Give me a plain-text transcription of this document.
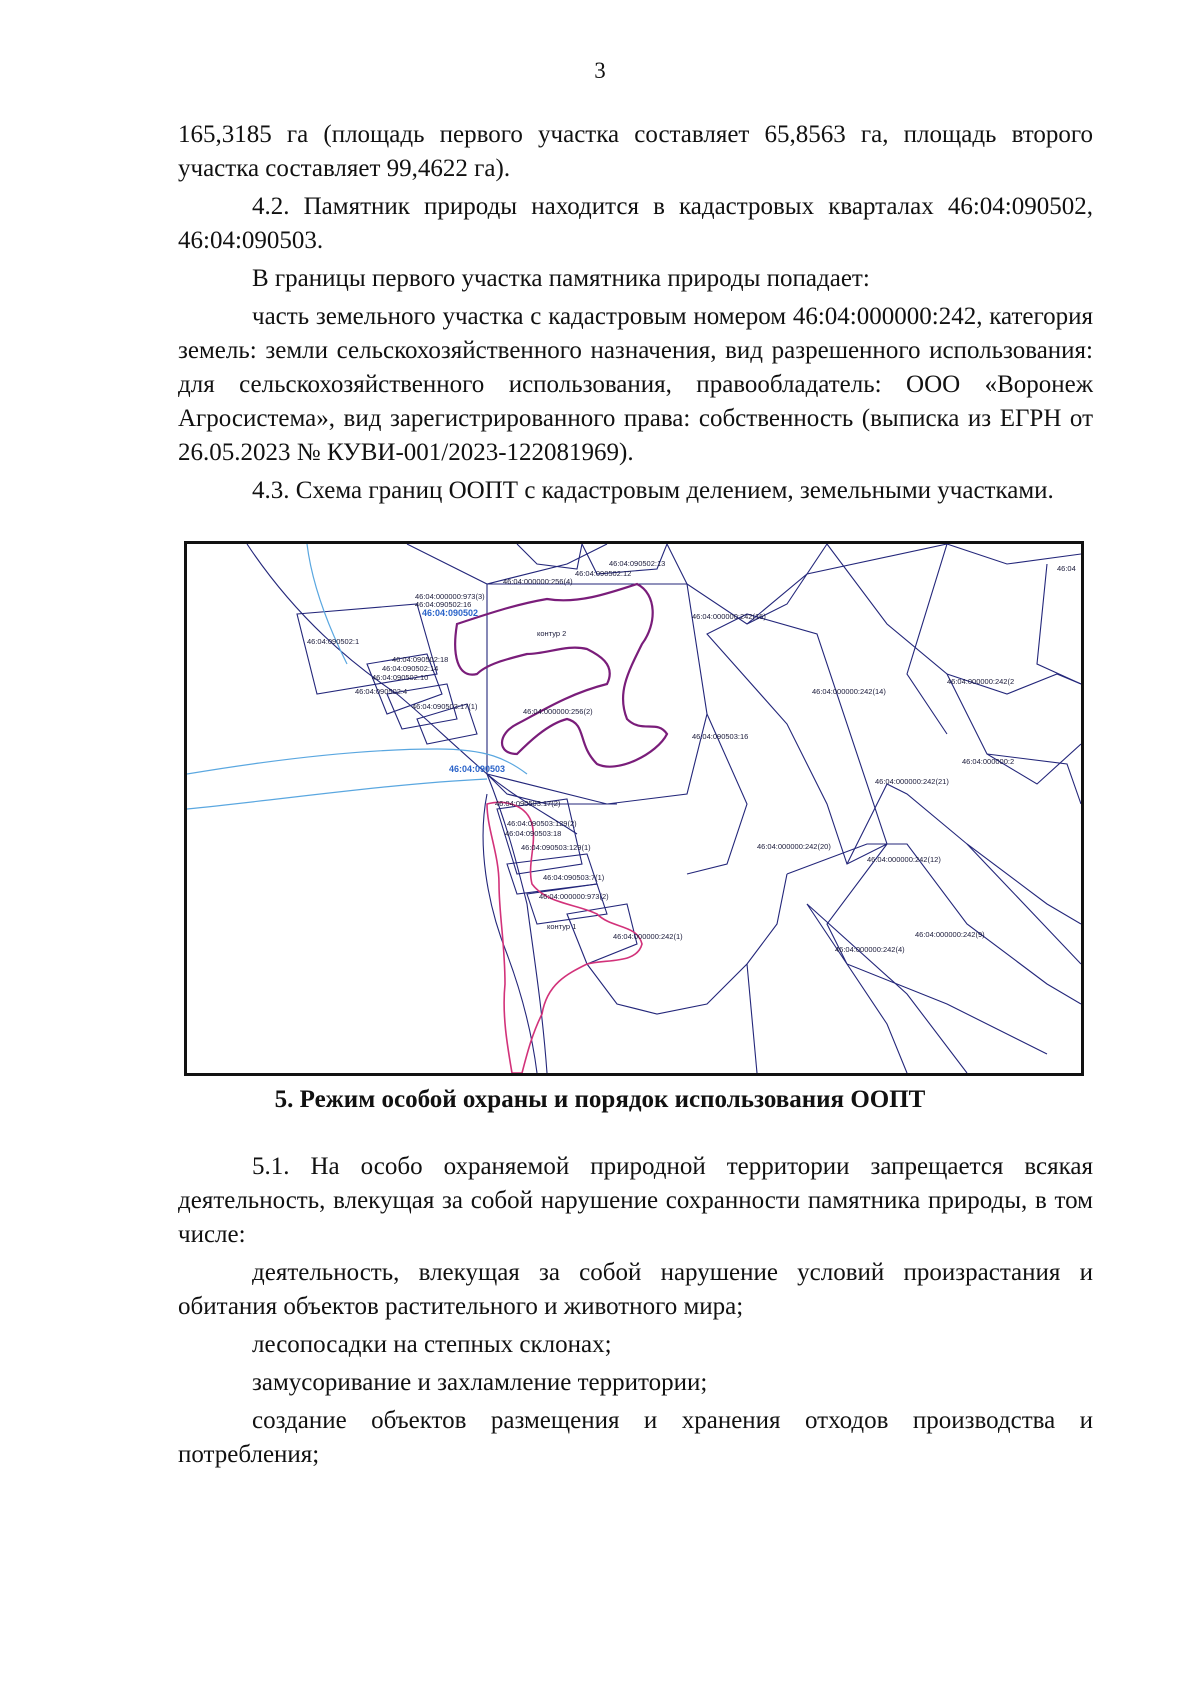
3

165,3185 га (площадь первого участка составляет 65,8563 га, площадь второго участка составляет 99,4622 га).

4.2. Памятник природы находится в кадастровых кварталах 46:04:090502, 46:04:090503.

В границы первого участка памятника природы попадает:

часть земельного участка с кадастровым номером 46:04:000000:242, категория земель: земли сельскохозяйственного назначения, вид разрешенного использования: для сельскохозяйственного использования, правообладатель: ООО «Воронеж Агросистема», вид зарегистрированного права: собственность (выписка из ЕГРН от 26.05.2023 № КУВИ-001/2023-122081969).

4.3. Схема границ ООПТ с кадастровым делением, земельными участками.

46:04:090502:13
46:04:090502:12
46:04:000000:256(4)
46:04:000000:973(3)
46:04:090502:16
46:04:090502
46:04:090502:1
46:04:090502:18
46:04:090502:14
46:04:090502:10
46:04:090502:4
46:04:090503:17(1)
контур 2
46:04:000000:256(2)
46:04:090503:16
46:04:000000:242(16)
46:04:000000:242(14)
46:04:000000:242(2
46:04:000000:2
46:04:000000:242(21)
46:04:090503
46:04:090503:17(2)
46:04:090503:129(2)
46:04:090503:18
46:04:090503:129(1)
46:04:090503:7(1)
46:04:000000:973(2)
46:04:000000:242(20)
46:04:000000:242(12)
контур 1
46:04:000000:242(1)
46:04:000000:242(4)
46:04:000000:242(9)
46:04
5. Режим особой охраны и порядок использования ООПТ

5.1. На особо охраняемой природной территории запрещается всякая деятельность, влекущая за собой нарушение сохранности памятника природы, в том числе:

деятельность, влекущая за собой нарушение условий произрастания и обитания объектов растительного и животного мира;

лесопосадки на степных склонах;

замусоривание и захламление территории;

создание объектов размещения и хранения отходов производства и потребления;
